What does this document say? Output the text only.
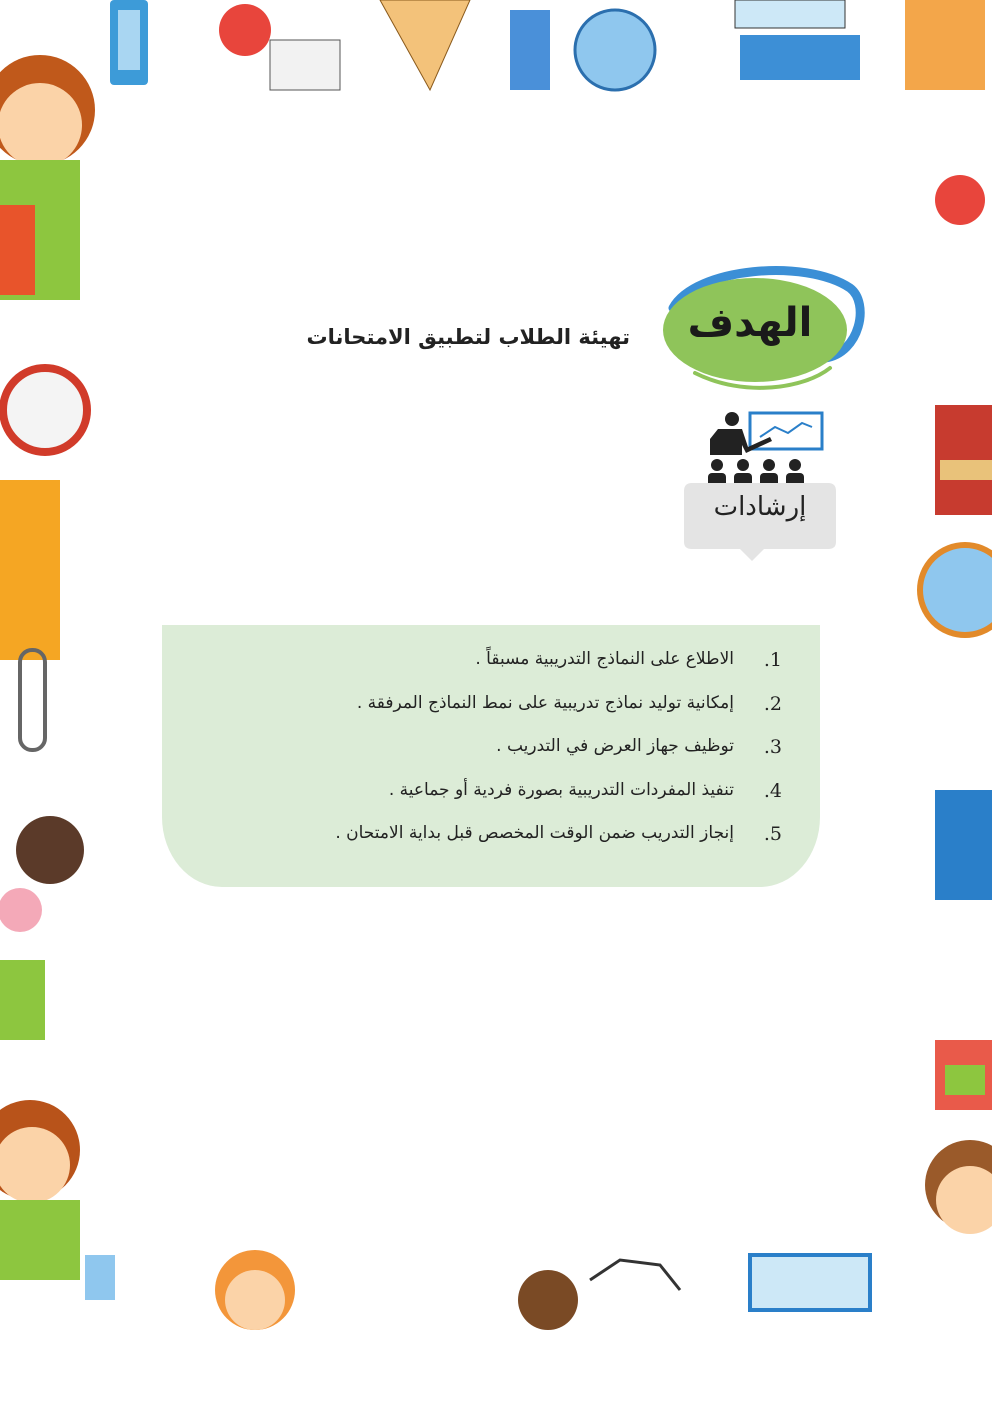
الهدف
تهيئة الطلاب لتطبيق الامتحانات
إرشادات
.1
الاطلاع على النماذج التدريبية مسبقاً .
.2
إمكانية توليد نماذج تدريبية على نمط النماذج المرفقة .
.3
توظيف جهاز العرض في التدريب .
.4
تنفيذ المفردات التدريبية بصورة فردية أو جماعية .
.5
إنجاز التدريب ضمن الوقت المخصص قبل بداية الامتحان .
